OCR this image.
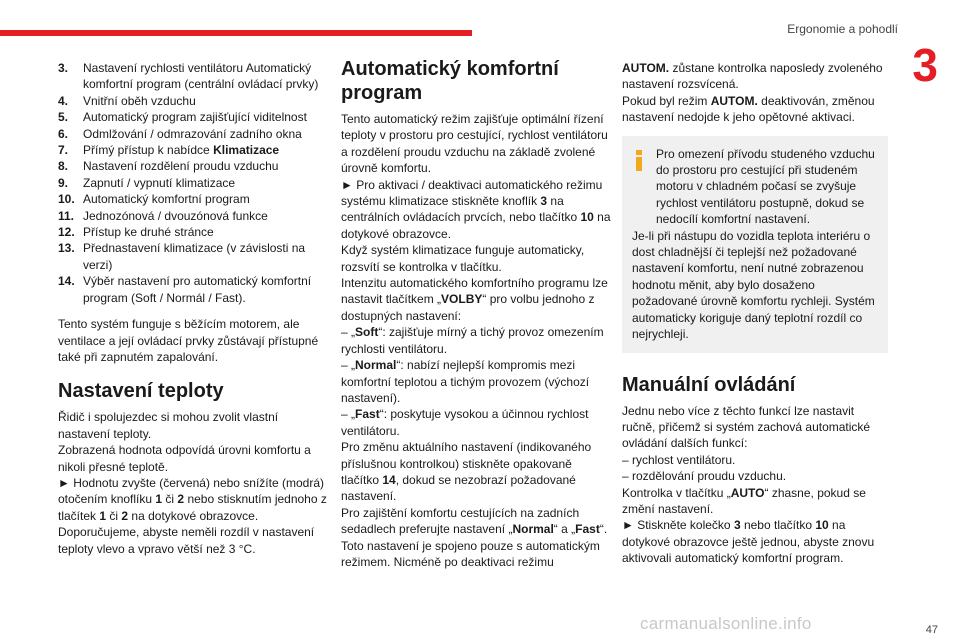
Ergonomie a pohodlí
3
3. Nastavení rychlosti ventilátoru Automatický komfortní program (centrální ovládací prvky)
4. Vnitřní oběh vzduchu
5. Automatický program zajišťující viditelnost
6. Odmlžování / odmrazování zadního okna
7. Přímý přístup k nabídce Klimatizace
8. Nastavení rozdělení proudu vzduchu
9. Zapnutí / vypnutí klimatizace
10. Automatický komfortní program
11. Jednozónová / dvouzónová funkce
12. Přístup ke druhé stránce
13. Přednastavení klimatizace (v závislosti na verzi)
14. Výběr nastavení pro automatický komfortní program (Soft / Normál / Fast).

Tento systém funguje s běžícím motorem, ale ventilace a její ovládací prvky zůstávají přístupné také při zapnutém zapalování.

Nastavení teploty

Řidič i spolujezdec si mohou zvolit vlastní nastavení teploty.

Zobrazená hodnota odpovídá úrovni komfortu a nikoli přesné teplotě.

► Hodnotu zvyšte (červená) nebo snížíte (modrá) otočením knoflíku 1 či 2 nebo stisknutím jednoho z tlačítek 1 či 2 na dotykové obrazovce.

Doporučujeme, abyste neměli rozdíl v nastavení teploty vlevo a vpravo větší než 3 °C.

Automatický komfortní program

Tento automatický režim zajišťuje optimální řízení teploty v prostoru pro cestující, rychlost ventilátoru a rozdělení proudu vzduchu na základě zvolené úrovně komfortu.

► Pro aktivaci / deaktivaci automatického režimu systému klimatizace stiskněte knoflík 3 na centrálních ovládacích prvcích, nebo tlačítko 10 na dotykové obrazovce.

Když systém klimatizace funguje automaticky, rozsvítí se kontrolka v tlačítku.

Intenzitu automatického komfortního programu lze nastavit tlačítkem „VOLBY“ pro volbu jednoho z dostupných nastavení:

– „Soft“: zajišťuje mírný a tichý provoz omezením rychlosti ventilátoru.

– „Normal“: nabízí nejlepší kompromis mezi komfortní teplotou a tichým provozem (výchozí nastavení).

– „Fast“: poskytuje vysokou a účinnou rychlost ventilátoru.

Pro změnu aktuálního nastavení (indikovaného příslušnou kontrolkou) stiskněte opakovaně tlačítko 14, dokud se nezobrazí požadované nastavení.

Pro zajištění komfortu cestujících na zadních sedadlech preferujte nastavení „Normal“ a „Fast“.

Toto nastavení je spojeno pouze s automatickým režimem. Nicméně po deaktivaci režimu

AUTOM. zůstane kontrolka naposledy zvoleného nastavení rozsvícená.

Pokud byl režim AUTOM. deaktivován, změnou nastavení nedojde k jeho opětovné aktivaci.

Pro omezení přívodu studeného vzduchu do prostoru pro cestující při studeném motoru v chladném počasí se zvyšuje rychlost ventilátoru postupně, dokud se nedocílí komfortní nastavení.

Je-li při nástupu do vozidla teplota interiéru o dost chladnější či teplejší než požadované nastavení komfortu, není nutné zobrazenou hodnotu měnit, aby bylo dosaženo požadované úrovně komfortu rychleji. Systém automaticky koriguje daný teplotní rozdíl co nejrychleji.

Manuální ovládání

Jednu nebo více z těchto funkcí lze nastavit ručně, přičemž si systém zachová automatické ovládání dalších funkcí:

– rychlost ventilátoru.

– rozdělování proudu vzduchu.

Kontrolka v tlačítku „AUTO“ zhasne, pokud se změní nastavení.

► Stiskněte kolečko 3 nebo tlačítko 10 na dotykové obrazovce ještě jednou, abyste znovu aktivovali automatický komfortní program.

carmanualsonline.info	47
